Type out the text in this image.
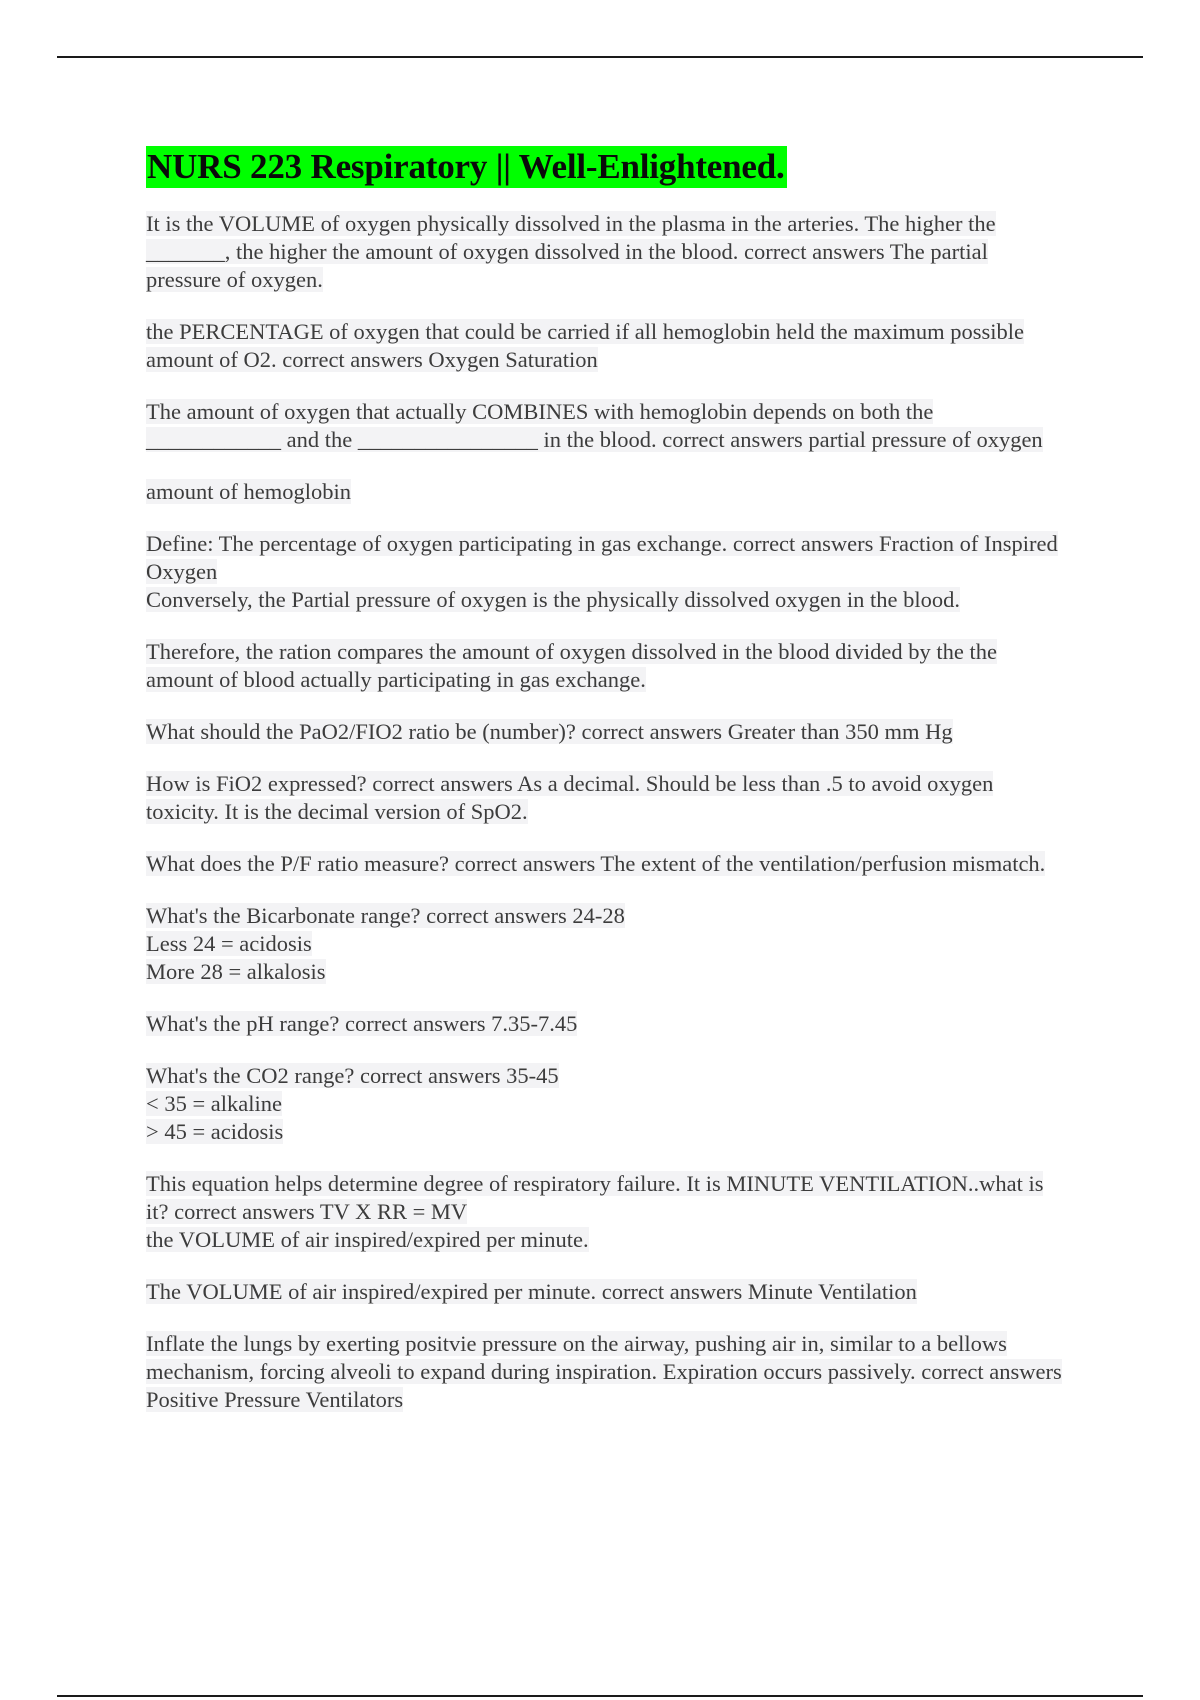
NURS 223 Respiratory || Well-Enlightened.

It is the VOLUME of oxygen physically dissolved in the plasma in the arteries. The higher the _______, the higher the amount of oxygen dissolved in the blood. correct answers The partial pressure of oxygen.

the PERCENTAGE of oxygen that could be carried if all hemoglobin held the maximum possible amount of O2. correct answers Oxygen Saturation

The amount of oxygen that actually COMBINES with hemoglobin depends on both the ____________ and the ________________ in the blood. correct answers partial pressure of oxygen

amount of hemoglobin

Define: The percentage of oxygen participating in gas exchange. correct answers Fraction of Inspired Oxygen
Conversely, the Partial pressure of oxygen is the physically dissolved oxygen in the blood.

Therefore, the ration compares the amount of oxygen dissolved in the blood divided by the the amount of blood actually participating in gas exchange.

What should the PaO2/FIO2 ratio be (number)? correct answers Greater than 350 mm Hg

How is FiO2 expressed? correct answers As a decimal. Should be less than .5 to avoid oxygen toxicity. It is the decimal version of SpO2.

What does the P/F ratio measure? correct answers The extent of the ventilation/perfusion mismatch.

What's the Bicarbonate range? correct answers 24-28
Less 24 = acidosis
More 28 = alkalosis

What's the pH range? correct answers 7.35-7.45

What's the CO2 range? correct answers 35-45
< 35 = alkaline
> 45 = acidosis

This equation helps determine degree of respiratory failure. It is MINUTE VENTILATION..what is it? correct answers TV X RR = MV
the VOLUME of air inspired/expired per minute.

The VOLUME of air inspired/expired per minute. correct answers Minute Ventilation

Inflate the lungs by exerting positvie pressure on the airway, pushing air in, similar to a bellows mechanism, forcing alveoli to expand during inspiration. Expiration occurs passively. correct answers Positive Pressure Ventilators
